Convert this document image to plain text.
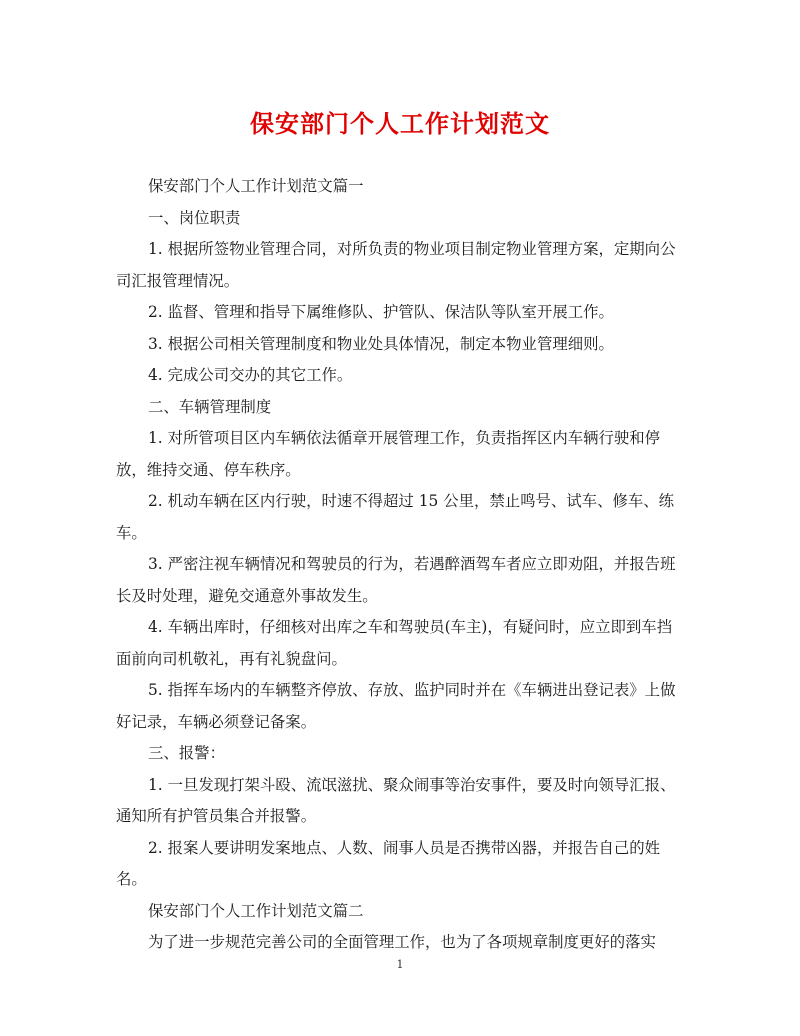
保安部门个人工作计划范文

保安部门个人工作计划范文篇一

一、岗位职责

1. 根据所签物业管理合同，对所负责的物业项目制定物业管理方案，定期向公司汇报管理情况。

2. 监督、管理和指导下属维修队、护管队、保洁队等队室开展工作。

3. 根据公司相关管理制度和物业处具体情况，制定本物业管理细则。

4. 完成公司交办的其它工作。

二、车辆管理制度

1. 对所管项目区内车辆依法循章开展管理工作，负责指挥区内车辆行驶和停放，维持交通、停车秩序。

2. 机动车辆在区内行驶，时速不得超过 15 公里，禁止鸣号、试车、修车、练车。

3. 严密注视车辆情况和驾驶员的行为，若遇醉酒驾车者应立即劝阻，并报告班长及时处理，避免交通意外事故发生。

4. 车辆出库时，仔细核对出库之车和驾驶员(车主)，有疑问时，应立即到车挡面前向司机敬礼，再有礼貌盘问。

5. 指挥车场内的车辆整齐停放、存放、监护同时并在《车辆进出登记表》上做好记录，车辆必须登记备案。

三、报警：

1. 一旦发现打架斗殴、流氓滋扰、聚众闹事等治安事件，要及时向领导汇报、通知所有护管员集合并报警。

2. 报案人要讲明发案地点、人数、闹事人员是否携带凶器，并报告自己的姓名。

保安部门个人工作计划范文篇二

为了进一步规范完善公司的全面管理工作，也为了各项规章制度更好的落实

1
